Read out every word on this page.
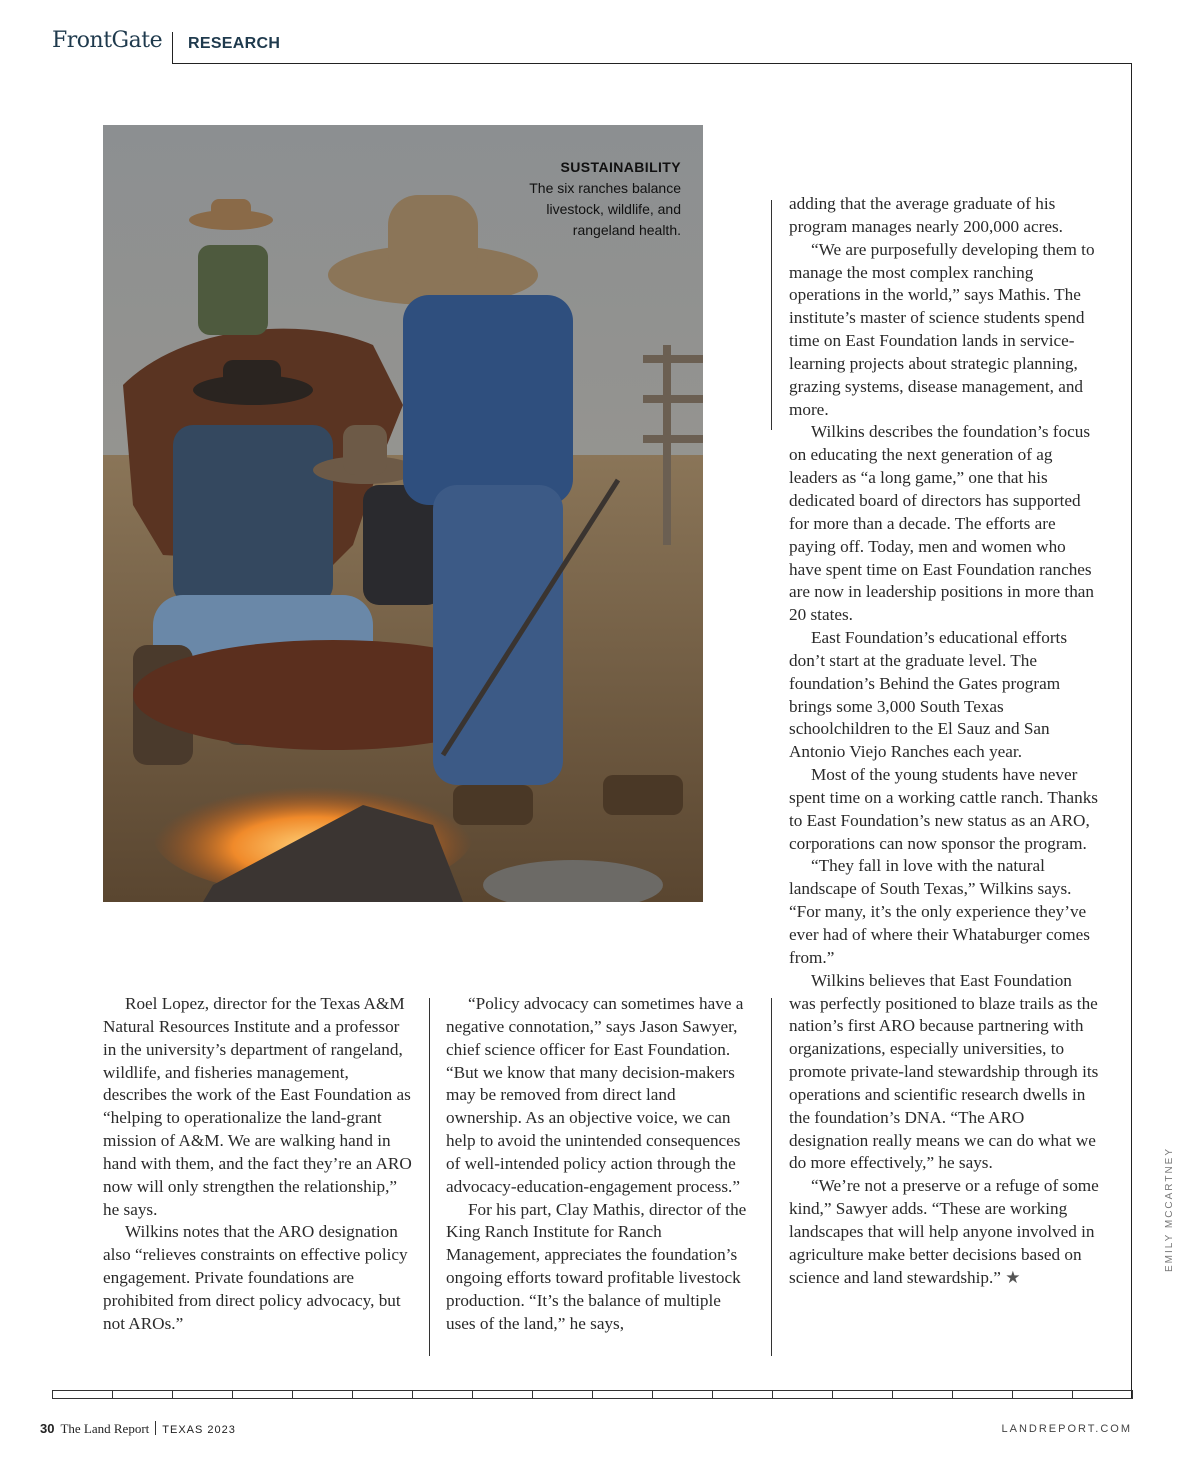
FrontGate RESEARCH
SUSTAINABILITY
The six ranches balance livestock, wildlife, and rangeland health.

Roel Lopez, director for the Texas A&M Natural Resources Institute and a professor in the university’s department of rangeland, wildlife, and fisheries management, describes the work of the East Foundation as “helping to operationalize the land-grant mission of A&M. We are walking hand in hand with them, and the fact they’re an ARO now will only strengthen the relationship,” he says.

Wilkins notes that the ARO designation also “relieves constraints on effective policy engagement. Private foundations are prohibited from direct policy advocacy, but not AROs.”

“Policy advocacy can sometimes have a negative connotation,” says Jason Sawyer, chief science officer for East Foundation. “But we know that many decision-makers may be removed from direct land ownership. As an objective voice, we can help to avoid the unintended consequences of well-intended policy action through the advocacy-education-engagement process.”

For his part, Clay Mathis, director of the King Ranch Institute for Ranch Management, appreciates the foundation’s ongoing efforts toward profitable livestock production. “It’s the balance of multiple uses of the land,” he says,

adding that the average graduate of his program manages nearly 200,000 acres.

“We are purposefully developing them to manage the most complex ranching operations in the world,” says Mathis. The institute’s master of science students spend time on East Foundation lands in service-learning projects about strategic planning, grazing systems, disease management, and more.

Wilkins describes the foundation’s focus on educating the next generation of ag leaders as “a long game,” one that his dedicated board of directors has supported for more than a decade. The efforts are paying off. Today, men and women who have spent time on East Foundation ranches are now in leadership positions in more than 20 states.

East Foundation’s educational efforts don’t start at the graduate level. The foundation’s Behind the Gates program brings some 3,000 South Texas schoolchildren to the El Sauz and San Antonio Viejo Ranches each year.

Most of the young students have never spent time on a working cattle ranch. Thanks to East Foundation’s new status as an ARO, corporations can now sponsor the program.

“They fall in love with the natural landscape of South Texas,” Wilkins says. “For many, it’s the only experience they’ve ever had of where their Whataburger comes from.”

Wilkins believes that East Foundation was perfectly positioned to blaze trails as the nation’s first ARO because partnering with organizations, especially universities, to promote private-land stewardship through its operations and scientific research dwells in the foundation’s DNA. “The ARO designation really means we can do what we do more effectively,” he says.

“We’re not a preserve or a refuge of some kind,” Sawyer adds. “These are working landscapes that will help anyone involved in agriculture make better decisions based on science and land stewardship.” ★

EMILY MCCARTNEY
30 The Land Report TEXAS 2023	LANDREPORT.COM
